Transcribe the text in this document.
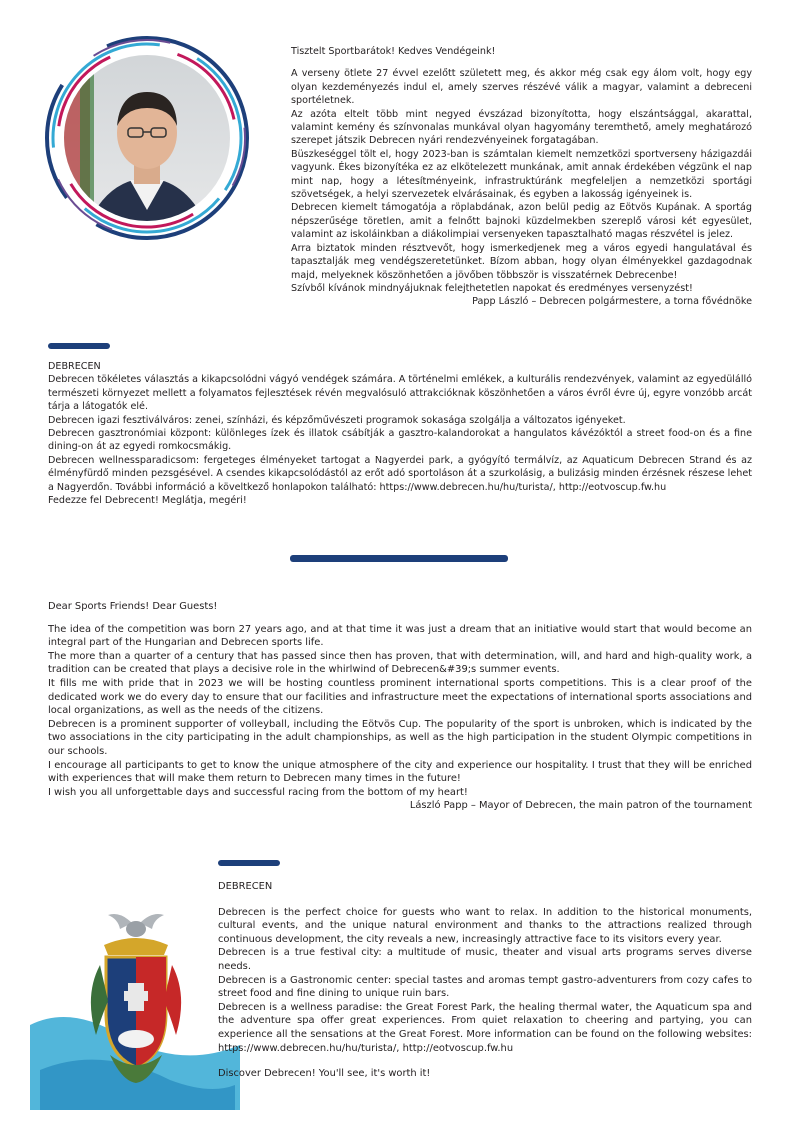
Tisztelt Sportbarátok! Kedves Vendégeink!

A verseny ötlete 27 évvel ezelőtt született meg, és akkor még csak egy álom volt, hogy egy olyan kezdeményezés indul el, amely szerves részévé válik a magyar, valamint a debreceni sportéletnek.

Az azóta eltelt több mint negyed évszázad bizonyította, hogy elszántsággal, akarattal, valamint kemény és színvonalas munkával olyan hagyomány teremthető, amely meghatározó szerepet játszik Debrecen nyári rendezvényeinek forgatagában.

Büszkeséggel tölt el, hogy 2023-ban is számtalan kiemelt nemzetközi sportverseny házigazdái vagyunk. Ékes bizonyítéka ez az elkötelezett munkának, amit annak érdekében végzünk el nap mint nap, hogy a létesítményeink, infrastruktúránk megfeleljen a nemzetközi sportági szövetségek, a helyi szervezetek elvárásainak, és egyben a lakosság igényeinek is.

Debrecen kiemelt támogatója a röplabdának, azon belül pedig az Eötvös Kupának. A sportág népszerűsége töretlen, amit a felnőtt bajnoki küzdelmekben szereplő városi két egyesület, valamint az iskoláinkban a diákolimpiai versenyeken tapasztalható magas részvétel is jelez.

Arra biztatok minden résztvevőt, hogy ismerkedjenek meg a város egyedi hangulatával és tapasztalják meg vendégszeretetünket. Bízom abban, hogy olyan élményekkel gazdagodnak majd, melyeknek köszönhetően a jövőben többször is visszatérnek Debrecenbe!

Szívből kívánok mindnyájuknak felejthetetlen napokat és eredményes versenyzést!

Papp László – Debrecen polgármestere, a torna fővédnöke

DEBRECEN

Debrecen tökéletes választás a kikapcsolódni vágyó vendégek számára. A történelmi emlékek, a kulturális rendezvények, valamint az egyedülálló természeti környezet mellett a folyamatos fejlesztések révén megvalósuló attrakcióknak köszönhetően a város évről évre új, egyre vonzóbb arcát tárja a látogatók elé.

Debrecen igazi fesztiválváros: zenei, színházi, és képzőművészeti programok sokasága szolgálja a változatos igényeket.

Debrecen gasztronómiai központ: különleges ízek és illatok csábítják a gasztro-kalandorokat a hangulatos kávézóktól a street food-on és a fine dining-on át az egyedi romkocsmákig.

Debrecen wellnessparadicsom: fergeteges élményeket tartogat a Nagyerdei park, a gyógyító termálvíz, az Aquaticum Debrecen Strand és az élményfürdő minden pezsgésével. A csendes kikapcsolódástól az erőt adó sportoláson át a szurkolásig, a bulizásig minden érzésnek részese lehet a Nagyerdőn. További információ a köveltkező honlapokon található: https://www.debrecen.hu/hu/turista/, http://eotvoscup.fw.hu

Fedezze fel Debrecent! Meglátja, megéri!

Dear Sports Friends! Dear Guests!

The idea of the competition was born 27 years ago, and at that time it was just a dream that an initiative would start that would become an integral part of the Hungarian and Debrecen sports life.

The more than a quarter of a century that has passed since then has proven, that with determination, will, and hard and high-quality work, a tradition can be created that plays a decisive role in the whirlwind of Debrecen&#39;s summer events.

It fills me with pride that in 2023 we will be hosting countless prominent international sports competitions. This is a clear proof of the dedicated work we do every day to ensure that our facilities and infrastructure meet the expectations of international sports associations and local organizations, as well as the needs of the citizens.

Debrecen is a prominent supporter of volleyball, including the Eötvös Cup. The popularity of the sport is unbroken, which is indicated by the two associations in the city participating in the adult championships, as well as the high participation in the student Olympic competitions in our schools.

I encourage all participants to get to know the unique atmosphere of the city and experience our hospitality. I trust that they will be enriched with experiences that will make them return to Debrecen many times in the future!

I wish you all unforgettable days and successful racing from the bottom of my heart!

László Papp – Mayor of Debrecen, the main patron of the tournament

DEBRECEN

Debrecen is the perfect choice for guests who want to relax. In addition to the historical monuments, cultural events, and the unique natural environment and thanks to the attractions realized through continuous development, the city reveals a new, increasingly attractive face to its visitors every year.

Debrecen is a true festival city: a multitude of music, theater and visual arts programs serves diverse needs.

Debrecen is a Gastronomic center: special tastes and aromas tempt gastro-adventurers from cozy cafes to street food and fine dining to unique ruin bars.

Debrecen is a wellness paradise: the Great Forest Park, the healing thermal water, the Aquaticum spa and the adventure spa offer great experiences. From quiet relaxation to cheering and partying, you can experience all the sensations at the Great Forest. More information can be found on the following websites: https://www.debrecen.hu/hu/turista/, http://eotvoscup.fw.hu

Discover Debrecen! You'll see, it's worth it!
